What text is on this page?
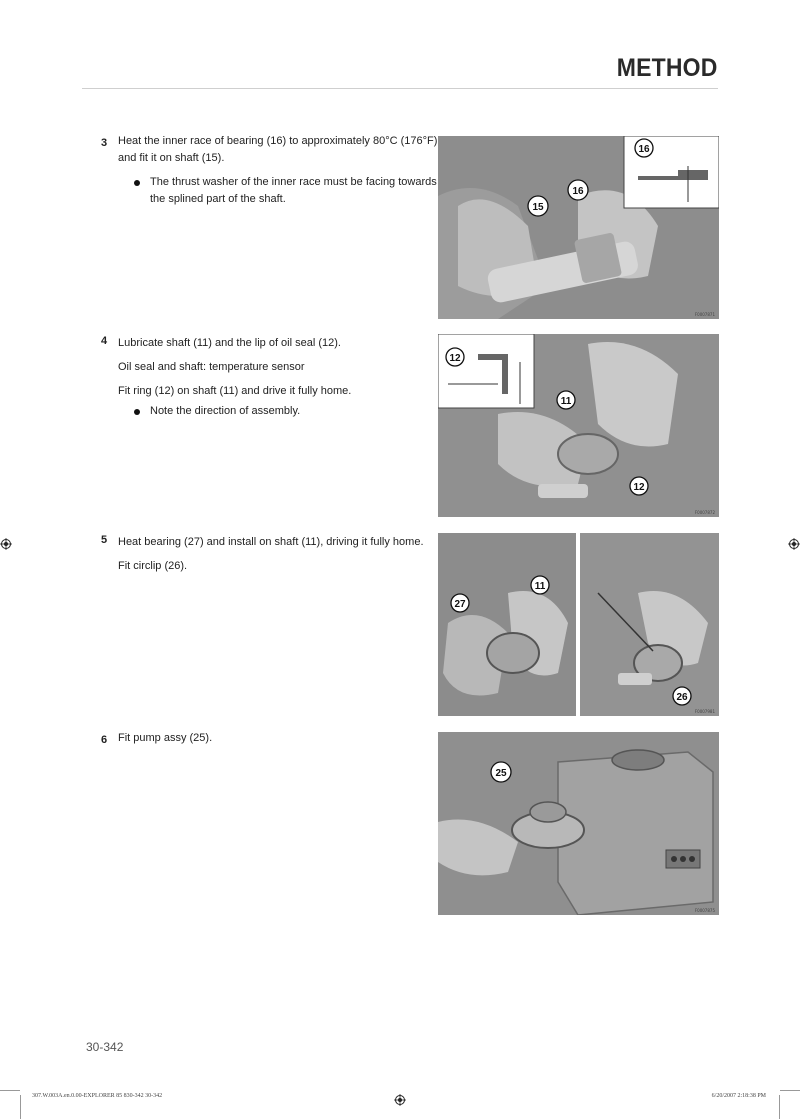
METHOD
3 Heat the inner race of bearing (16) to approximately 80°C (176°F)
and fit it on shaft (15).
The thrust washer of the inner race must be facing towards
the splined part of the shaft.
15
16
16
F0007871
4 Lubricate shaft (11) and the lip of oil seal (12).
Oil seal and shaft: temperature sensor
Fit ring (12) on shaft (11) and drive it fully home.
Note the direction of assembly.
12
11
12
F0007872
5 Heat bearing (27) and install on shaft (11), driving it fully home.
Fit circlip (26).
27
11
26
F0007981
6 Fit pump assy (25).
25
F0007875
30-342
307.W.003A.en.0.00-EXPLORER 85 830-342 30-342	6/20/2007 2:18:38 PM
